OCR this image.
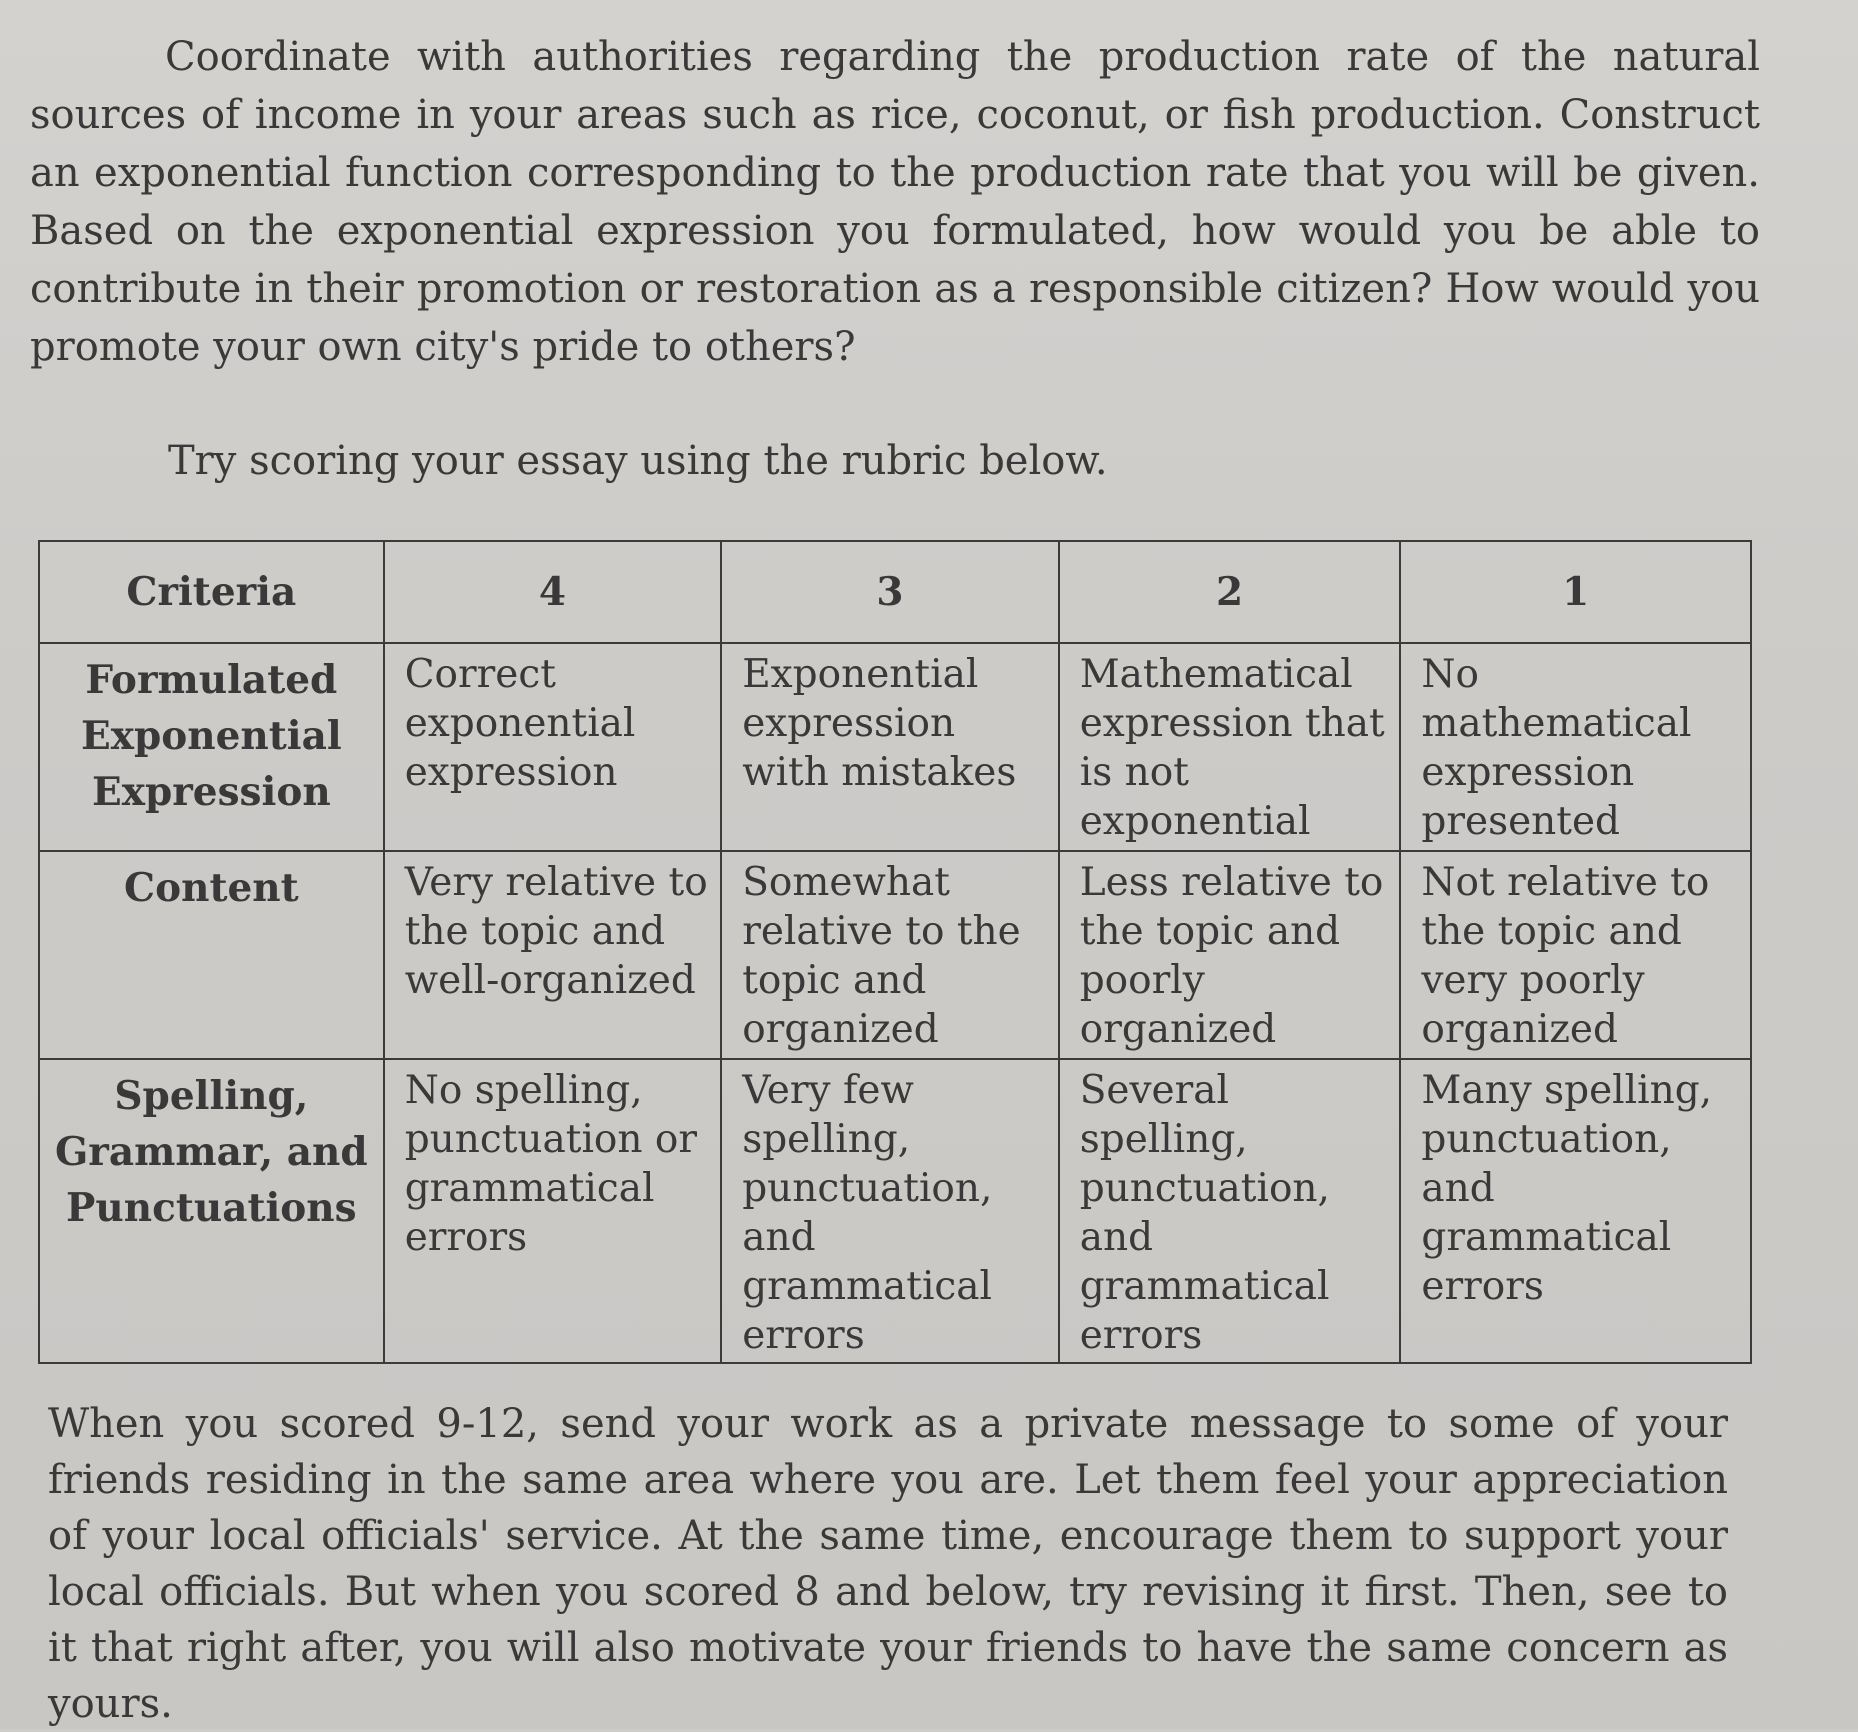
Coordinate with authorities regarding the production rate of the natural sources of income in your areas such as rice, coconut, or fish production. Construct an exponential function corresponding to the production rate that you will be given. Based on the exponential expression you formulated, how would you be able to contribute in their promotion or restoration as a responsible citizen? How would you promote your own city's pride to others?

Try scoring your essay using the rubric below.

Criteria	4	3	2	1
Formulated Exponential Expression	Correct exponential expression	Exponential expression with mistakes	Mathematical expression that is not exponential	No mathematical expression presented
Content	Very relative to the topic and well-organized	Somewhat relative to the topic and organized	Less relative to the topic and poorly organized	Not relative to the topic and very poorly organized
Spelling, Grammar, and Punctuations	No spelling, punctuation or grammatical errors	Very few spelling, punctuation, and grammatical errors	Several spelling, punctuation, and grammatical errors	Many spelling, punctuation, and grammatical errors

When you scored 9-12, send your work as a private message to some of your friends residing in the same area where you are. Let them feel your appreciation of your local officials' service. At the same time, encourage them to support your local officials. But when you scored 8 and below, try revising it first. Then, see to it that right after, you will also motivate your friends to have the same concern as yours.
